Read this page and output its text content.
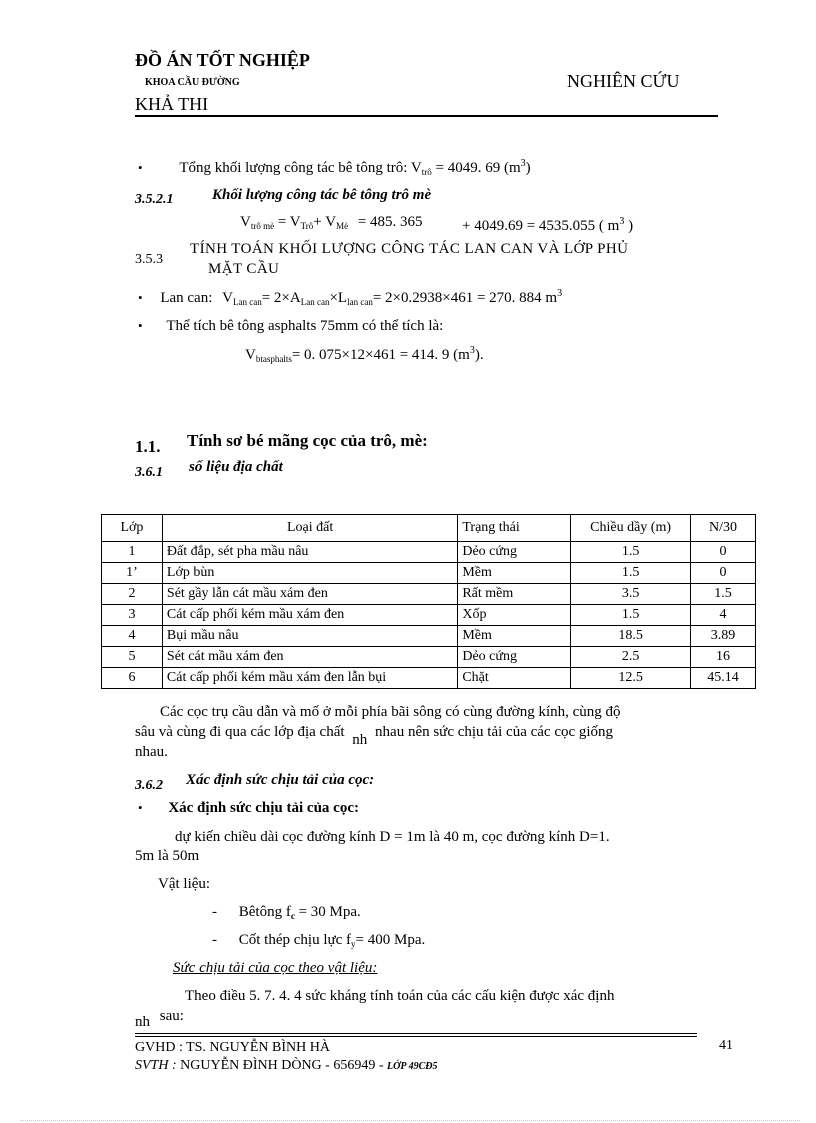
ĐỒ ÁN TỐT NGHIỆP
KHOA CẦU ĐƯỜNG	NGHIÊN CỨU
KHẢ THI
• Tổng khối lượng công tác bê tông trô: $V_{trô} = 4049$. 69 $(m^3)$
3.5.2.1	Khối lượng công tác bê tông trô mè
$V_{trô mè} = V_{Trô}+ V_{Mè} = 485$. 365	+ 4049.69 = 4535.055 ( $m^3$ )
3.5.3
TÍNH TOÁN KHỐI LƯỢNG CÔNG TÁC LAN CAN VÀ LỚP PHỦ
MẶT CẦU
• Lan can: $V_{Lan can}= 2\times A_{Lan can}\times L_{lan can}= 2\times 0.2938\times 461 = 270$. 884 $m^3$
• Thể tích bê tông asphalts 75mm có thể tích là:
$V_{btasphalts}= 0$. 075×12×461 = 414. 9 $(m^3)$.
1.1. Tính sơ bé mãng cọc của trô, mè:
3.6.1 số liệu địa chất
Lớp	Loại đất	Trạng thái	Chiều dầy (m)	N/30
1	Đất đắp, sét pha mầu nâu	Dẻo cứng	1.5	0
1’	Lớp bùn	Mềm	1.5	0
2	Sét gầy lẫn cát mầu xám đen	Rất mềm	3.5	1.5
3	Cát cấp phối kém mầu xám đen	Xốp	1.5	4
4	Bụi mầu nâu	Mềm	18.5	3.89
5	Sét cát mầu xám đen	Dẻo cứng	2.5	16
6	Cát cấp phối kém mầu xám đen lẫn bụi	Chặt	12.5	45.14
Các cọc trụ cầu dẫn và mố ở mỗi phía bãi sông có cùng đường kính, cùng độ
sâu và cùng đi qua các lớp địa chất nh nhau nên sức chịu tải của các cọc giống
nhau.
3.6.2 Xác định sức chịu tải của cọc:
• Xác định sức chịu tải của cọc:
dự kiến chiều dài cọc đường kính D = 1m là 40 m, cọc đường kính D=1.
5m là 50m
Vật liệu:
- Bêtông $f_c = 30$ Mpa.
- Cốt thép chịu lực $f_y= 400$ Mpa.
Sức chịu tải của cọc theo vật liệu:
Theo điều 5. 7. 4. 4 sức kháng tính toán của các cấu kiện được xác định
nh sau:
GVHD : TS. NGUYỄN BÌNH HÀ	41
SVTH : NGUYỄN ĐÌNH DÒNG - 656949 - LỚP 49CĐ5
